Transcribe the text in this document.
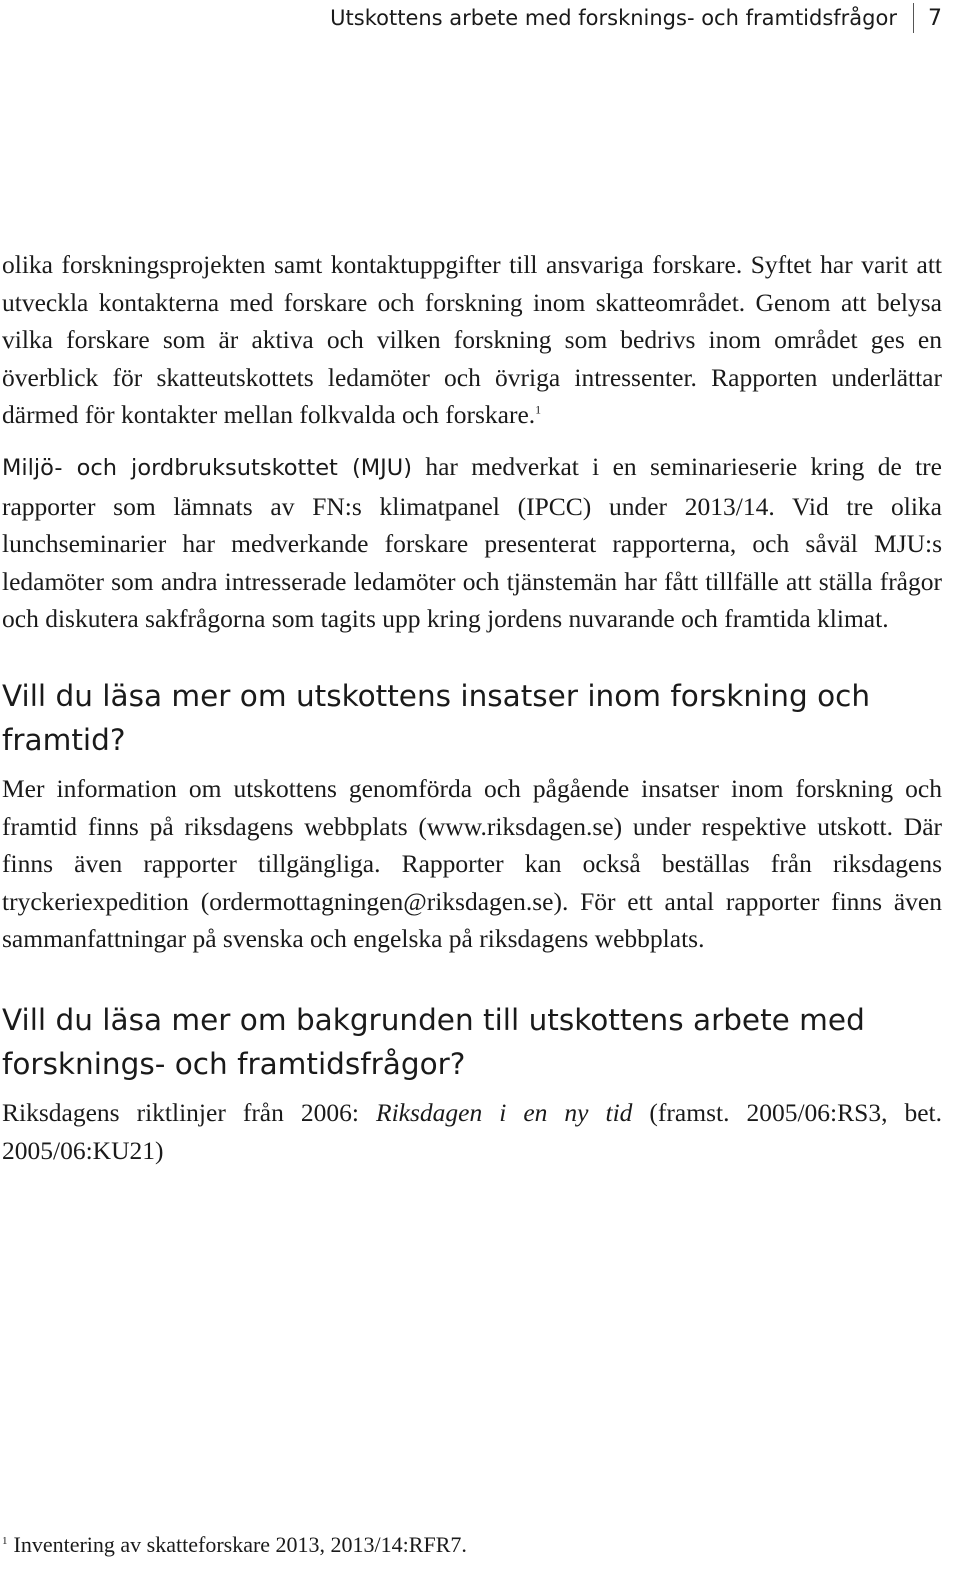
Utskottens arbete med forsknings- och framtidsfrågor 7

olika forskningsprojekten samt kontaktuppgifter till ansvariga forskare. Syftet har varit att utveckla kontakterna med forskare och forskning inom skatteområdet. Genom att belysa vilka forskare som är aktiva och vilken forskning som bedrivs inom området ges en överblick för skatteutskottets ledamöter och övriga intressenter. Rapporten underlättar därmed för kontakter mellan folkvalda och forskare.$^1$

Miljö- och jordbruksutskottet (MJU) har medverkat i en seminarieserie kring de tre rapporter som lämnats av FN:s klimatpanel (IPCC) under 2013/14. Vid tre olika lunchseminarier har medverkande forskare presenterat rapporterna, och såväl MJU:s ledamöter som andra intresserade ledamöter och tjänstemän har fått tillfälle att ställa frågor och diskutera sakfrågorna som tagits upp kring jordens nuvarande och framtida klimat.

Vill du läsa mer om utskottens insatser inom forskning och framtid?

Mer information om utskottens genomförda och pågående insatser inom forskning och framtid finns på riksdagens webbplats (www.riksdagen.se) under respektive utskott. Där finns även rapporter tillgängliga. Rapporter kan också beställas från riksdagens tryckeriexpedition (ordermottagningen@riksdagen.se). För ett antal rapporter finns även sammanfattningar på svenska och engelska på riksdagens webbplats.

Vill du läsa mer om bakgrunden till utskottens arbete med forsknings- och framtidsfrågor?

Riksdagens riktlinjer från 2006: Riksdagen i en ny tid (framst. 2005/06:RS3, bet. 2005/06:KU21)

$^1$ Inventering av skatteforskare 2013, 2013/14:RFR7.
